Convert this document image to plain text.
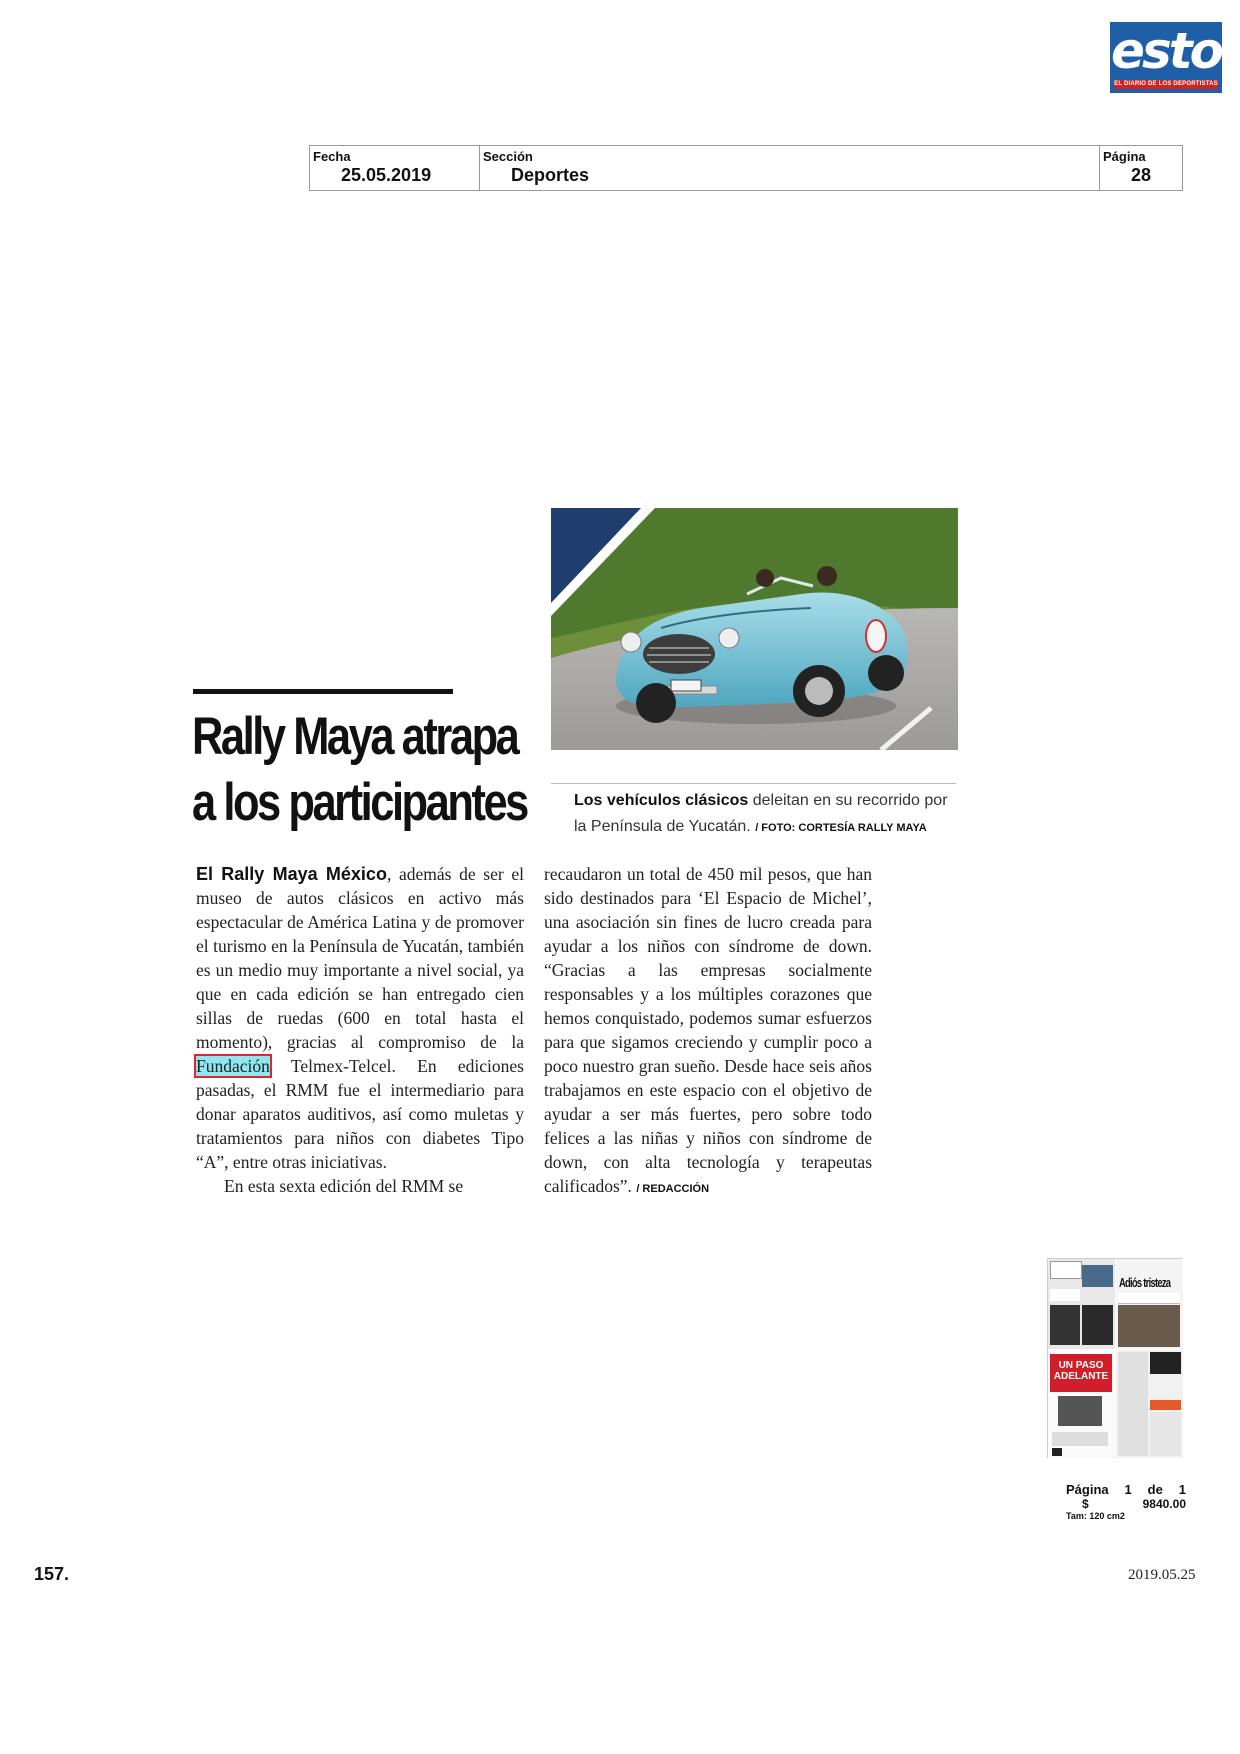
esto
EL DIARIO DE LOS DEPORTISTAS
Fecha
25.05.2019
Sección
Deportes
Página
28
Rally Maya atrapa
a los participantes	Los vehículos clásicos deleitan en su recorrido por la Península de Yucatán. / FOTO: CORTESÍA RALLY MAYA

El Rally Maya México, además de ser el museo de autos clásicos en activo más espectacular de América Latina y de promover el turismo en la Península de Yucatán, también es un medio muy importante a nivel social, ya que en cada edición se han entregado cien sillas de ruedas (600 en total hasta el momento), gracias al compromiso de la Fundación Telmex-Telcel. En ediciones pasadas, el RMM fue el intermediario para donar aparatos auditivos, así como muletas y tratamientos para niños con diabetes Tipo “A”, entre otras iniciativas.

En esta sexta edición del RMM se

recaudaron un total de 450 mil pesos, que han sido destinados para ‘El Espacio de Michel’, una asociación sin fines de lucro creada para ayudar a los niños con síndrome de down. “Gracias a las empresas socialmente responsables y a los múltiples corazones que hemos conquistado, podemos sumar esfuerzos para que sigamos creciendo y cumplir poco a poco nuestro gran sueño. Desde hace seis años trabajamos en este espacio con el objetivo de ayudar a ser más fuertes, pero sobre todo felices a las niñas y niños con síndrome de down, con alta tecnología y terapeutas calificados”. / REDACCIÓN

Adiós tristeza
UN PASO ADELANTE
Página 1 de 1
$	9840.00
Tam: 120 cm2
157.	2019.05.25
